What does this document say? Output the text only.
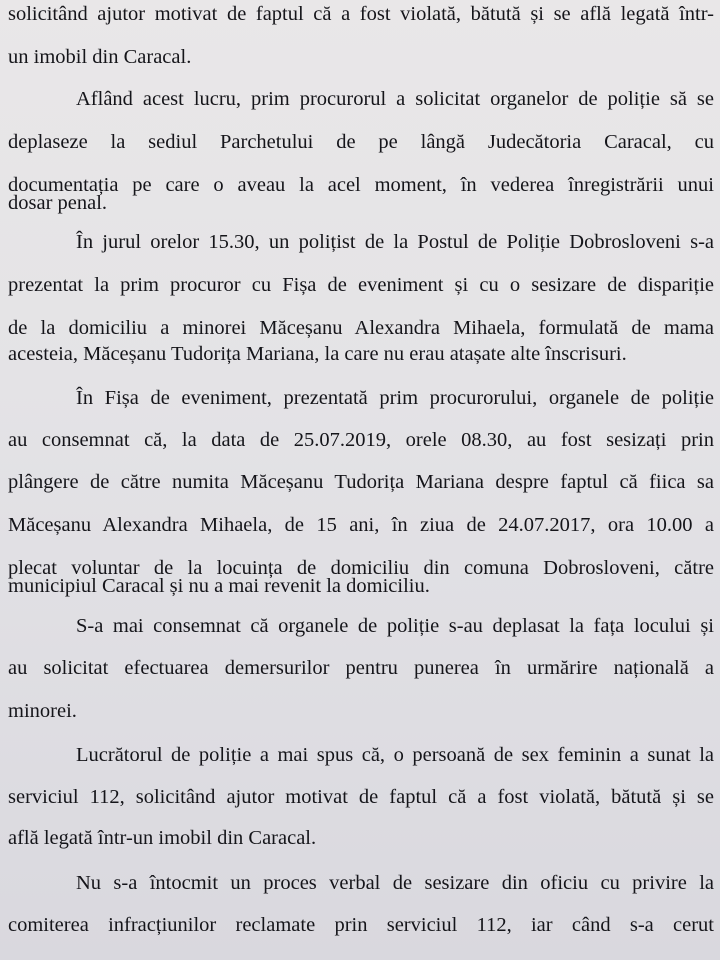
solicitând ajutor motivat de faptul că a fost violată, bătută și se află legată într-
un imobil din Caracal.
Aflând acest lucru, prim procurorul a solicitat organelor de poliție să se
deplaseze la sediul Parchetului de pe lângă Judecătoria Caracal, cu
documentația pe care o aveau la acel moment, în vederea înregistrării unui
dosar penal.
În jurul orelor 15.30, un polițist de la Postul de Poliție Dobrosloveni s-a
prezentat la prim procuror cu Fișa de eveniment și cu o sesizare de dispariție
de la domiciliu a minorei Măceșanu Alexandra Mihaela, formulată de mama
acesteia, Măceșanu Tudorița Mariana, la care nu erau atașate alte înscrisuri.
În Fișa de eveniment, prezentată prim procurorului, organele de poliție
au consemnat că, la data de 25.07.2019, orele 08.30, au fost sesizați prin
plângere de către numita Măceșanu Tudorița Mariana despre faptul că fiica sa
Măceșanu Alexandra Mihaela, de 15 ani, în ziua de 24.07.2017, ora 10.00 a
plecat voluntar de la locuința de domiciliu din comuna Dobrosloveni, către
municipiul Caracal și nu a mai revenit la domiciliu.
S-a mai consemnat că organele de poliție s-au deplasat la fața locului și
au solicitat efectuarea demersurilor pentru punerea în urmărire națională a
minorei.
Lucrătorul de poliție a mai spus că, o persoană de sex feminin a sunat la
serviciul 112, solicitând ajutor motivat de faptul că a fost violată, bătută și se
află legată într-un imobil din Caracal.
Nu s-a întocmit un proces verbal de sesizare din oficiu cu privire la
comiterea infracțiunilor reclamate prin serviciul 112, iar când s-a cerut
